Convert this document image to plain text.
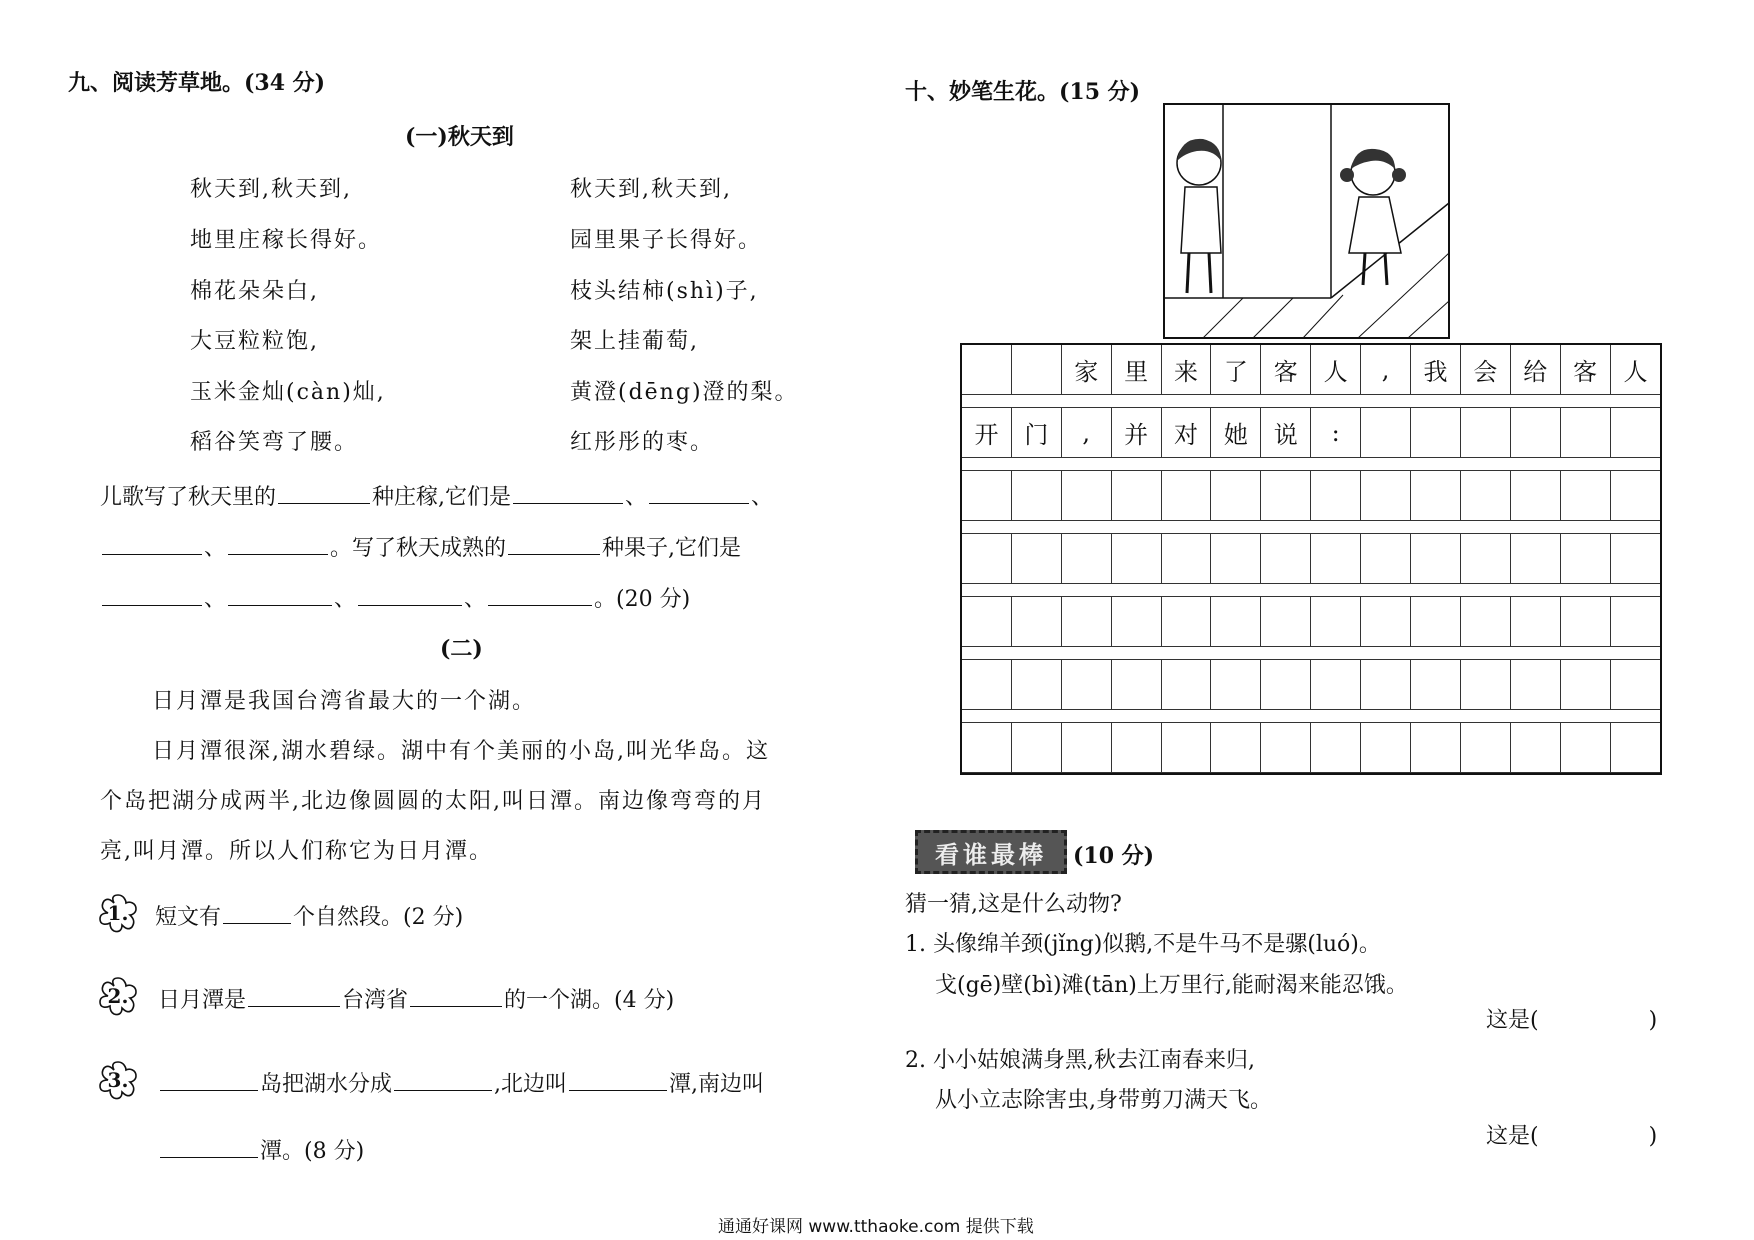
九、阅读芳草地。(34 分)
(一)秋天到
秋天到,秋天到,
地里庄稼长得好。
棉花朵朵白,
大豆粒粒饱,
玉米金灿(càn)灿,
稻谷笑弯了腰。
秋天到,秋天到,
园里果子长得好。
枝头结柿(shì)子,
架上挂葡萄,
黄澄(dēng)澄的梨。
红彤彤的枣。
儿歌写了秋天里的	种庄稼,它们是	、	、
、	。写了秋天成熟的	种果子,它们是
、	、	、	。(20 分)
(二)
日月潭是我国台湾省最大的一个湖。
日月潭很深,湖水碧绿。湖中有个美丽的小岛,叫光华岛。这
个岛把湖分成两半,北边像圆圆的太阳,叫日潭。南边像弯弯的月
亮,叫月潭。所以人们称它为日月潭。
1.	短文有	个自然段。(2 分)
2.	日月潭是	台湾省	的一个湖。(4 分)
3.	岛把湖水分成	,北边叫	潭,南边叫
潭。(8 分)
十、妙笔生花。(15 分)
家	里	来	了	客	人	,	我	会	给	客	人
开	门	,	并	对	她	说	:
看谁最棒	(10 分)
猜一猜,这是什么动物?
1. 头像绵羊颈(jǐng)似鹅,不是牛马不是骡(luó)。
戈(gē)壁(bì)滩(tān)上万里行,能耐渴来能忍饿。
这是(	)
2. 小小姑娘满身黑,秋去江南春来归,
从小立志除害虫,身带剪刀满天飞。
这是(	)
通通好课网 www.tthaoke.com 提供下载
